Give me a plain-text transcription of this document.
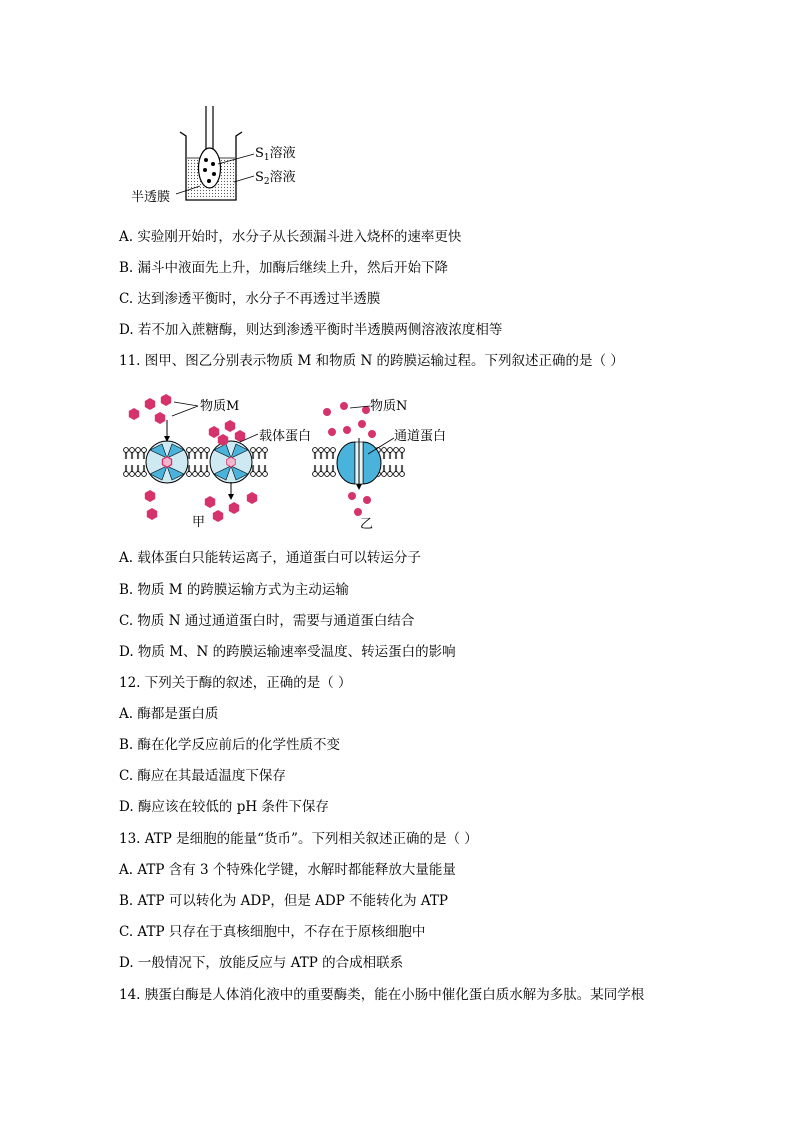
$S_1$溶液
$S_2$溶液
半透膜
A. 实验刚开始时，水分子从长颈漏斗进入烧杯的速率更快
B. 漏斗中液面先上升，加酶后继续上升，然后开始下降
C. 达到渗透平衡时，水分子不再透过半透膜
D. 若不加入蔗糖酶，则达到渗透平衡时半透膜两侧溶液浓度相等
11. 图甲、图乙分别表示物质 M 和物质 N 的跨膜运输过程。下列叙述正确的是（ ）
物质M
载体蛋白
甲
物质N
通道蛋白
乙
A. 载体蛋白只能转运离子，通道蛋白可以转运分子
B. 物质 M 的跨膜运输方式为主动运输
C. 物质 N 通过通道蛋白时，需要与通道蛋白结合
D. 物质 M、N 的跨膜运输速率受温度、转运蛋白的影响
12. 下列关于酶的叙述，正确的是（ ）
A. 酶都是蛋白质
B. 酶在化学反应前后的化学性质不变
C. 酶应在其最适温度下保存
D. 酶应该在较低的 pH 条件下保存
13. ATP 是细胞的能量“货币”。下列相关叙述正确的是（ ）
A. ATP 含有 3 个特殊化学键，水解时都能释放大量能量
B. ATP 可以转化为 ADP，但是 ADP 不能转化为 ATP
C. ATP 只存在于真核细胞中，不存在于原核细胞中
D. 一般情况下，放能反应与 ATP 的合成相联系
14. 胰蛋白酶是人体消化液中的重要酶类，能在小肠中催化蛋白质水解为多肽。某同学根
